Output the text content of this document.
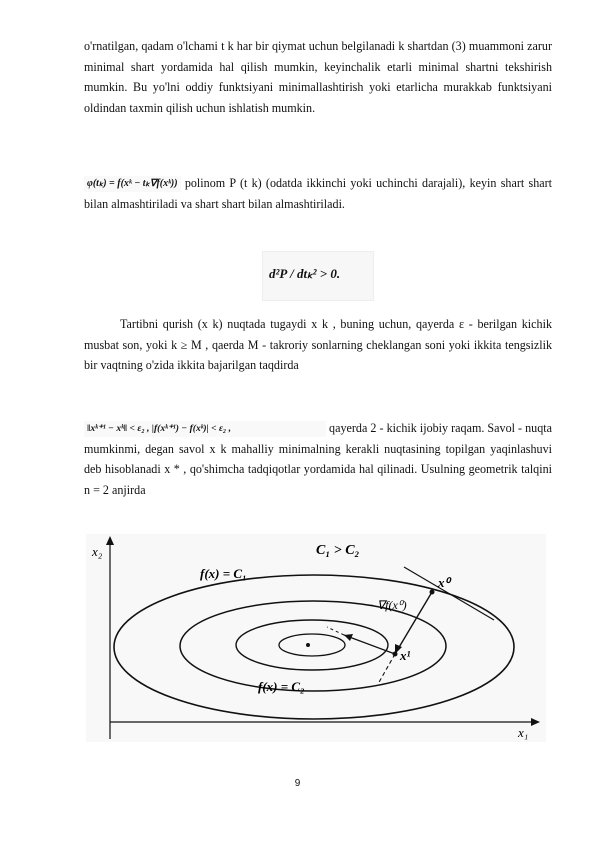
o'rnatilgan, qadam o'lchami t k har bir qiymat uchun belgilanadi k shartdan (3) muammoni zarur minimal shart yordamida hal qilish mumkin, keyinchalik etarli minimal shartni tekshirish mumkin. Bu yo'lni oddiy funktsiyani minimallashtirish yoki etarlicha murakkab funktsiyani oldindan taxmin qilish uchun ishlatish mumkin.

φ(tₖ) = f(xᵏ − tₖ∇f(xᵏ)) polinom P (t k) (odatda ikkinchi yoki uchinchi darajali), keyin shart shart bilan almashtiriladi va shart shart bilan almashtiriladi.

d²P / dtₖ² > 0.

Tartibni qurish (x k) nuqtada tugaydi x k , buning uchun, qayerda ε - berilgan kichik musbat son, yoki k ≥ M , qaerda M - takroriy sonlarning cheklangan soni yoki ikkita tengsizlik bir vaqtning o'zida ikkita bajarilgan taqdirda

‖xᵏ⁺¹ − xᵏ‖ < ε₂ , |f(xᵏ⁺¹) − f(xᵏ)| < ε₂ ,	qayerda 2 - kichik ijobiy raqam. Savol - nuqta mumkinmi, degan savol x k mahalliy minimalning kerakli nuqtasining topilgan yaqinlashuvi deb hisoblanadi x * , qo'shimcha tadqiqotlar yordamida hal qilinadi. Usulning geometrik talqini n = 2 anjirda

x₂
x₁
C₁ > C₂
f(x) = C₁
f(x) = C₂
x⁰
− ∇f(x⁰)
x¹
9
